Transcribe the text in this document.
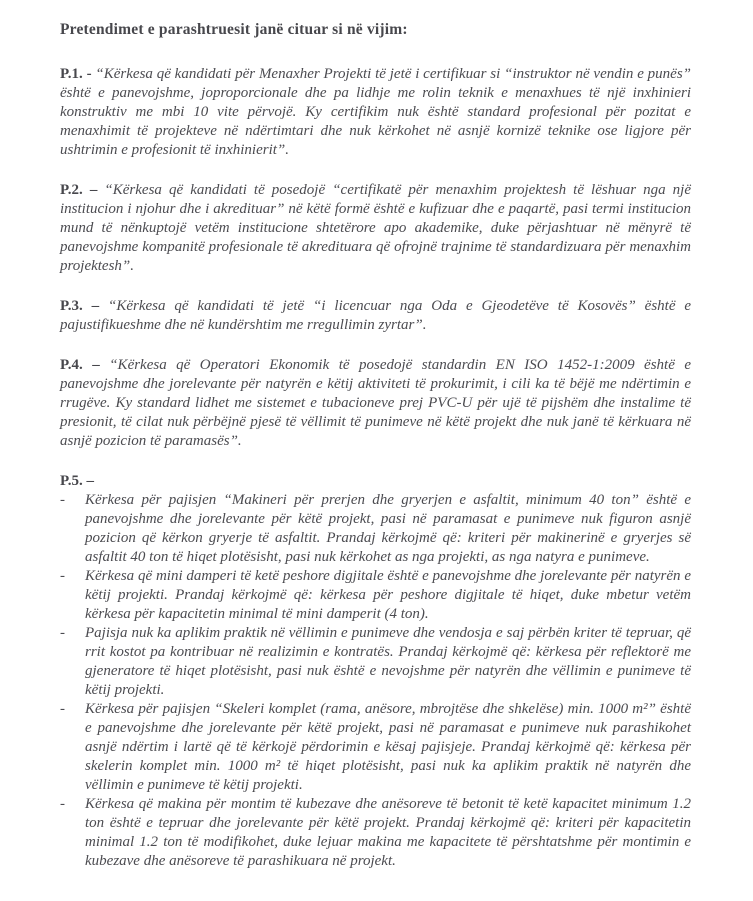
Pretendimet e parashtruesit janë cituar si në vijim:

P.1. - “Kërkesa që kandidati për Menaxher Projekti të jetë i certifikuar si “instruktor në vendin e punës” është e panevojshme, joproporcionale dhe pa lidhje me rolin teknik e menaxhues të një inxhinieri konstruktiv me mbi 10 vite përvojë. Ky certifikim nuk është standard profesional për pozitat e menaxhimit të projekteve në ndërtimtari dhe nuk kërkohet në asnjë kornizë teknike ose ligjore për ushtrimin e profesionit të inxhinierit”.

P.2. – “Kërkesa që kandidati të posedojë “certifikatë për menaxhim projektesh të lëshuar nga një institucion i njohur dhe i akredituar” në këtë formë është e kufizuar dhe e paqartë, pasi termi institucion mund të nënkuptojë vetëm institucione shtetërore apo akademike, duke përjashtuar në mënyrë të panevojshme kompanitë profesionale të akredituara që ofrojnë trajnime të standardizuara për menaxhim projektesh”.

P.3. – “Kërkesa që kandidati të jetë “i licencuar nga Oda e Gjeodetëve të Kosovës” është e pajustifikueshme dhe në kundërshtim me rregullimin zyrtar”.

P.4. – “Kërkesa që Operatori Ekonomik të posedojë standardin EN ISO 1452-1:2009 është e panevojshme dhe jorelevante për natyrën e këtij aktiviteti të prokurimit, i cili ka të bëjë me ndërtimin e rrugëve. Ky standard lidhet me sistemet e tubacioneve prej PVC-U për ujë të pijshëm dhe instalime të presionit, të cilat nuk përbëjnë pjesë të vëllimit të punimeve në këtë projekt dhe nuk janë të kërkuara në asnjë pozicion të paramasës”.

P.5. –

-	Kërkesa për pajisjen “Makineri për prerjen dhe gryerjen e asfaltit, minimum 40 ton” është e panevojshme dhe jorelevante për këtë projekt, pasi në paramasat e punimeve nuk figuron asnjë pozicion që kërkon gryerje të asfaltit. Prandaj kërkojmë që: kriteri për makinerinë e gryerjes së asfaltit 40 ton të hiqet plotësisht, pasi nuk kërkohet as nga projekti, as nga natyra e punimeve.
-	Kërkesa që mini damperi të ketë peshore digjitale është e panevojshme dhe jorelevante për natyrën e këtij projekti. Prandaj kërkojmë që: kërkesa për peshore digjitale të hiqet, duke mbetur vetëm kërkesa për kapacitetin minimal të mini damperit (4 ton).
-	Pajisja nuk ka aplikim praktik në vëllimin e punimeve dhe vendosja e saj përbën kriter të tepruar, që rrit kostot pa kontribuar në realizimin e kontratës. Prandaj kërkojmë që: kërkesa për reflektorë me gjeneratore të hiqet plotësisht, pasi nuk është e nevojshme për natyrën dhe vëllimin e punimeve të këtij projekti.
-	Kërkesa për pajisjen “Skeleri komplet (rama, anësore, mbrojtëse dhe shkelëse) min. 1000 m²” është e panevojshme dhe jorelevante për këtë projekt, pasi në paramasat e punimeve nuk parashikohet asnjë ndërtim i lartë që të kërkojë përdorimin e kësaj pajisjeje. Prandaj kërkojmë që: kërkesa për skelerin komplet min. 1000 m² të hiqet plotësisht, pasi nuk ka aplikim praktik në natyrën dhe vëllimin e punimeve të këtij projekti.
-	Kërkesa që makina për montim të kubezave dhe anësoreve të betonit të ketë kapacitet minimum 1.2 ton është e tepruar dhe jorelevante për këtë projekt. Prandaj kërkojmë që: kriteri për kapacitetin minimal 1.2 ton të modifikohet, duke lejuar makina me kapacitete të përshtatshme për montimin e kubezave dhe anësoreve të parashikuara në projekt.
